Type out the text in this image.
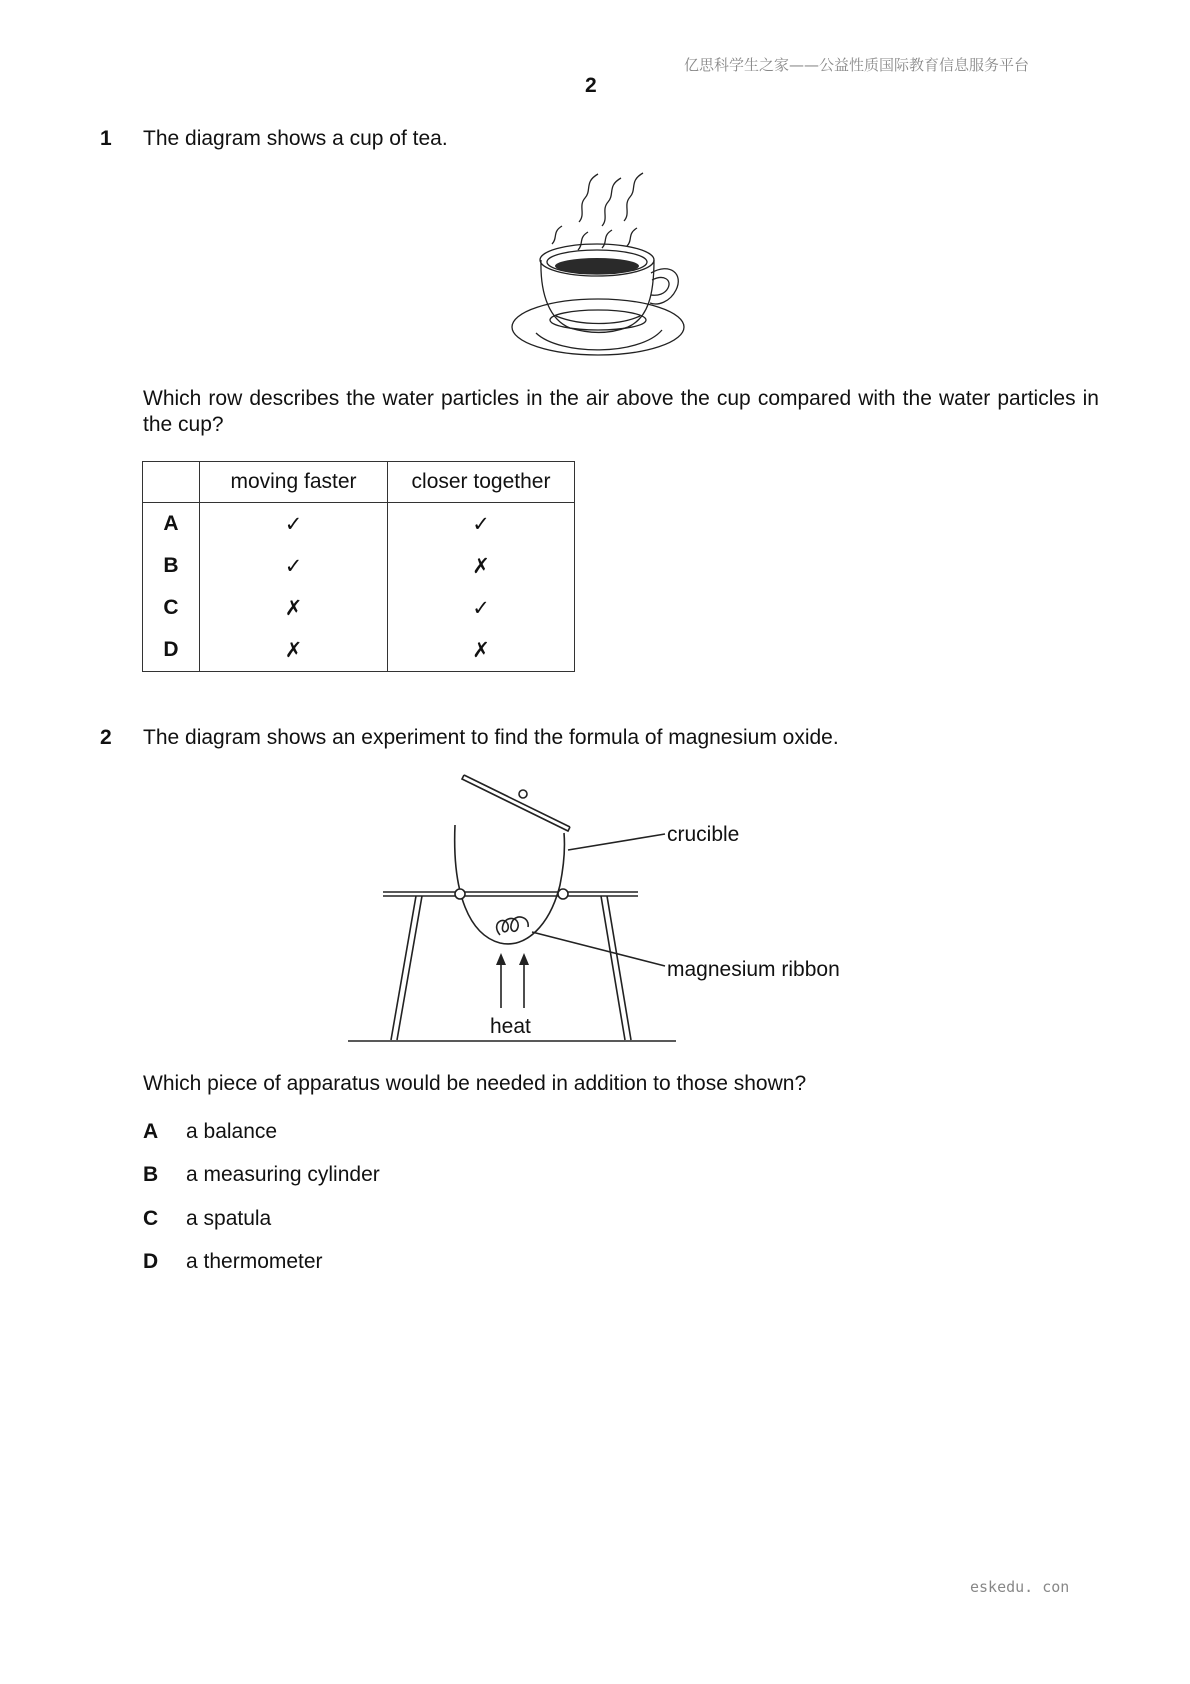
亿思科学生之家——公益性质国际教育信息服务平台
2
1 The diagram shows a cup of tea.
Which row describes the water particles in the air above the cup compared with the water particles in the cup?
	moving faster	closer together
A	✓	✓
B	✓	✗
C	✗	✓
D	✗	✗
2 The diagram shows an experiment to find the formula of magnesium oxide.
crucible
magnesium ribbon
heat
Which piece of apparatus would be needed in addition to those shown?
A a balance
B a measuring cylinder
C a spatula
D a thermometer
eskedu. con
